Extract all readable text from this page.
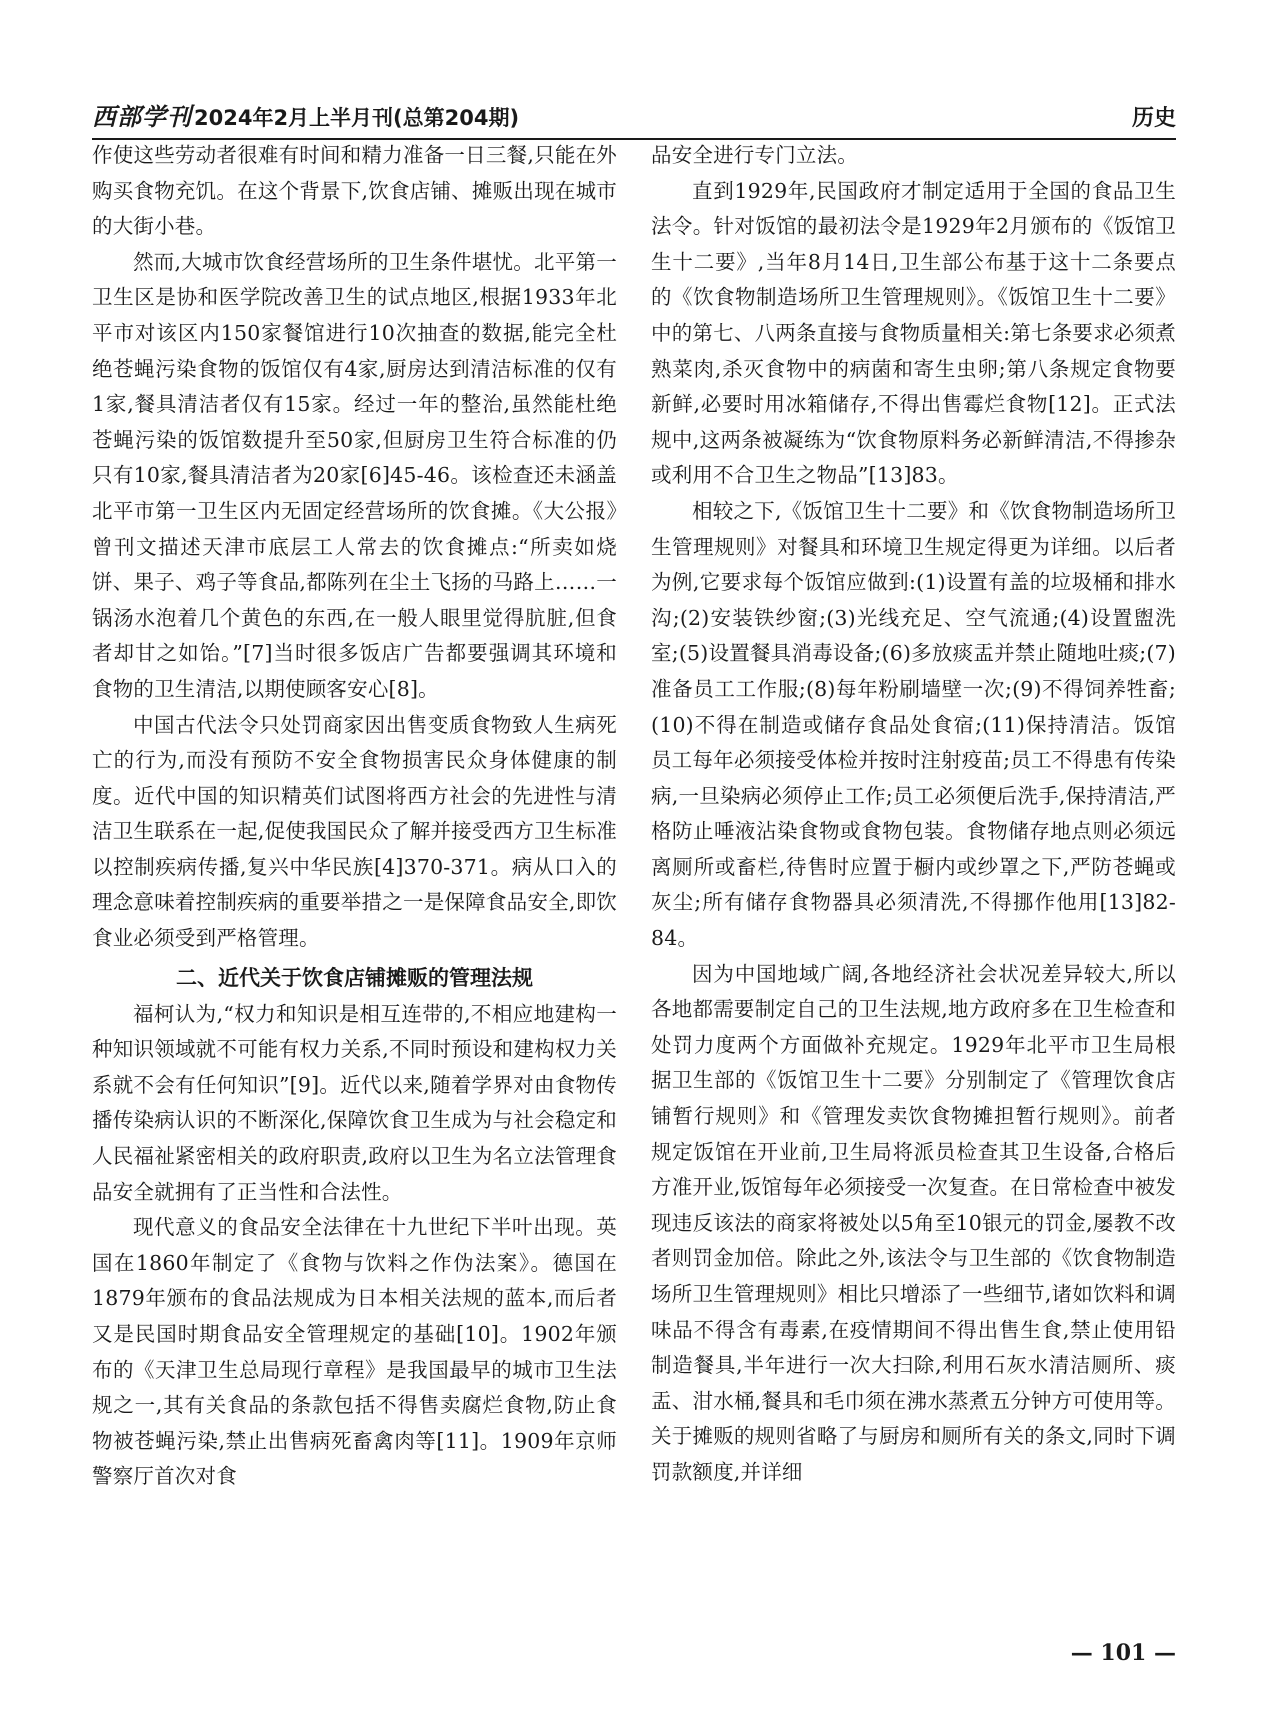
西部学刊 2024年2月上半月刊(总第204期)	历史

作使这些劳动者很难有时间和精力准备一日三餐,只能在外购买食物充饥。在这个背景下,饮食店铺、摊贩出现在城市的大街小巷。

然而,大城市饮食经营场所的卫生条件堪忧。北平第一卫生区是协和医学院改善卫生的试点地区,根据1933年北平市对该区内150家餐馆进行10次抽查的数据,能完全杜绝苍蝇污染食物的饭馆仅有4家,厨房达到清洁标准的仅有1家,餐具清洁者仅有15家。经过一年的整治,虽然能杜绝苍蝇污染的饭馆数提升至50家,但厨房卫生符合标准的仍只有10家,餐具清洁者为20家[6]45-46。该检查还未涵盖北平市第一卫生区内无固定经营场所的饮食摊。《大公报》曾刊文描述天津市底层工人常去的饮食摊点:“所卖如烧饼、果子、鸡子等食品,都陈列在尘土飞扬的马路上……一锅汤水泡着几个黄色的东西,在一般人眼里觉得肮脏,但食者却甘之如饴。”[7]当时很多饭店广告都要强调其环境和食物的卫生清洁,以期使顾客安心[8]。

中国古代法令只处罚商家因出售变质食物致人生病死亡的行为,而没有预防不安全食物损害民众身体健康的制度。近代中国的知识精英们试图将西方社会的先进性与清洁卫生联系在一起,促使我国民众了解并接受西方卫生标准以控制疾病传播,复兴中华民族[4]370-371。病从口入的理念意味着控制疾病的重要举措之一是保障食品安全,即饮食业必须受到严格管理。

二、近代关于饮食店铺摊贩的管理法规

福柯认为,“权力和知识是相互连带的,不相应地建构一种知识领域就不可能有权力关系,不同时预设和建构权力关系就不会有任何知识”[9]。近代以来,随着学界对由食物传播传染病认识的不断深化,保障饮食卫生成为与社会稳定和人民福祉紧密相关的政府职责,政府以卫生为名立法管理食品安全就拥有了正当性和合法性。

现代意义的食品安全法律在十九世纪下半叶出现。英国在1860年制定了《食物与饮料之作伪法案》。德国在1879年颁布的食品法规成为日本相关法规的蓝本,而后者又是民国时期食品安全管理规定的基础[10]。1902年颁布的《天津卫生总局现行章程》是我国最早的城市卫生法规之一,其有关食品的条款包括不得售卖腐烂食物,防止食物被苍蝇污染,禁止出售病死畜禽肉等[11]。1909年京师警察厅首次对食

品安全进行专门立法。

直到1929年,民国政府才制定适用于全国的食品卫生法令。针对饭馆的最初法令是1929年2月颁布的《饭馆卫生十二要》,当年8月14日,卫生部公布基于这十二条要点的《饮食物制造场所卫生管理规则》。《饭馆卫生十二要》中的第七、八两条直接与食物质量相关:第七条要求必须煮熟菜肉,杀灭食物中的病菌和寄生虫卵;第八条规定食物要新鲜,必要时用冰箱储存,不得出售霉烂食物[12]。正式法规中,这两条被凝练为“饮食物原料务必新鲜清洁,不得掺杂或利用不合卫生之物品”[13]83。

相较之下,《饭馆卫生十二要》和《饮食物制造场所卫生管理规则》对餐具和环境卫生规定得更为详细。以后者为例,它要求每个饭馆应做到:(1)设置有盖的垃圾桶和排水沟;(2)安装铁纱窗;(3)光线充足、空气流通;(4)设置盥洗室;(5)设置餐具消毒设备;(6)多放痰盂并禁止随地吐痰;(7)准备员工工作服;(8)每年粉刷墙壁一次;(9)不得饲养牲畜;(10)不得在制造或储存食品处食宿;(11)保持清洁。饭馆员工每年必须接受体检并按时注射疫苗;员工不得患有传染病,一旦染病必须停止工作;员工必须便后洗手,保持清洁,严格防止唾液沾染食物或食物包装。食物储存地点则必须远离厕所或畜栏,待售时应置于橱内或纱罩之下,严防苍蝇或灰尘;所有储存食物器具必须清洗,不得挪作他用[13]82-84。

因为中国地域广阔,各地经济社会状况差异较大,所以各地都需要制定自己的卫生法规,地方政府多在卫生检查和处罚力度两个方面做补充规定。1929年北平市卫生局根据卫生部的《饭馆卫生十二要》分别制定了《管理饮食店铺暂行规则》和《管理发卖饮食物摊担暂行规则》。前者规定饭馆在开业前,卫生局将派员检查其卫生设备,合格后方准开业,饭馆每年必须接受一次复查。在日常检查中被发现违反该法的商家将被处以5角至10银元的罚金,屡教不改者则罚金加倍。除此之外,该法令与卫生部的《饮食物制造场所卫生管理规则》相比只增添了一些细节,诸如饮料和调味品不得含有毒素,在疫情期间不得出售生食,禁止使用铅制造餐具,半年进行一次大扫除,利用石灰水清洁厕所、痰盂、泔水桶,餐具和毛巾须在沸水蒸煮五分钟方可使用等。关于摊贩的规则省略了与厨房和厕所有关的条文,同时下调罚款额度,并详细

— 101 —
